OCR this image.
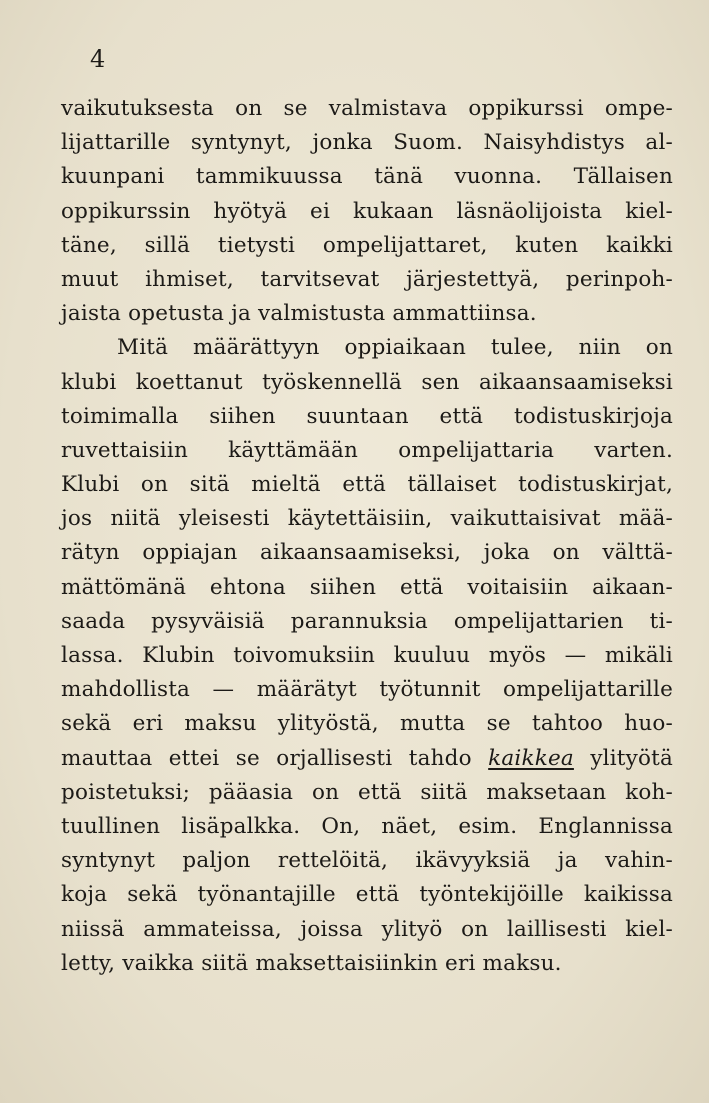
4
vaikutuksesta on se valmistava oppikurssi ompe-
lijattarille syntynyt, jonka Suom. Naisyhdistys al-
kuunpani tammikuussa tänä vuonna. Tällaisen
oppikurssin hyötyä ei kukaan läsnäolijoista kiel-
täne, sillä tietysti ompelijattaret, kuten kaikki
muut ihmiset, tarvitsevat järjestettyä, perinpoh-
jaista opetusta ja valmistusta ammattiinsa.
Mitä määrättyyn oppiaikaan tulee, niin on
klubi koettanut työskennellä sen aikaansaamiseksi
toimimalla siihen suuntaan että todistuskirjoja
ruvettaisiin käyttämään ompelijattaria varten.
Klubi on sitä mieltä että tällaiset todistuskirjat,
jos niitä yleisesti käytettäisiin, vaikuttaisivat mää-
rätyn oppiajan aikaansaamiseksi, joka on välttä-
mättömänä ehtona siihen että voitaisiin aikaan-
saada pysyväisiä parannuksia ompelijattarien ti-
lassa. Klubin toivomuksiin kuuluu myös — mikäli
mahdollista — määrätyt työtunnit ompelijattarille
sekä eri maksu ylityöstä, mutta se tahtoo huo-
mauttaa ettei se orjallisesti tahdo kaikkea ylityötä
poistetuksi; pääasia on että siitä maksetaan koh-
tuullinen lisäpalkka. On, näet, esim. Englannissa
syntynyt paljon rettelöitä, ikävyyksiä ja vahin-
koja sekä työnantajille että työntekijöille kaikissa
niissä ammateissa, joissa ylityö on laillisesti kiel-
letty, vaikka siitä maksettaisiinkin eri maksu.
